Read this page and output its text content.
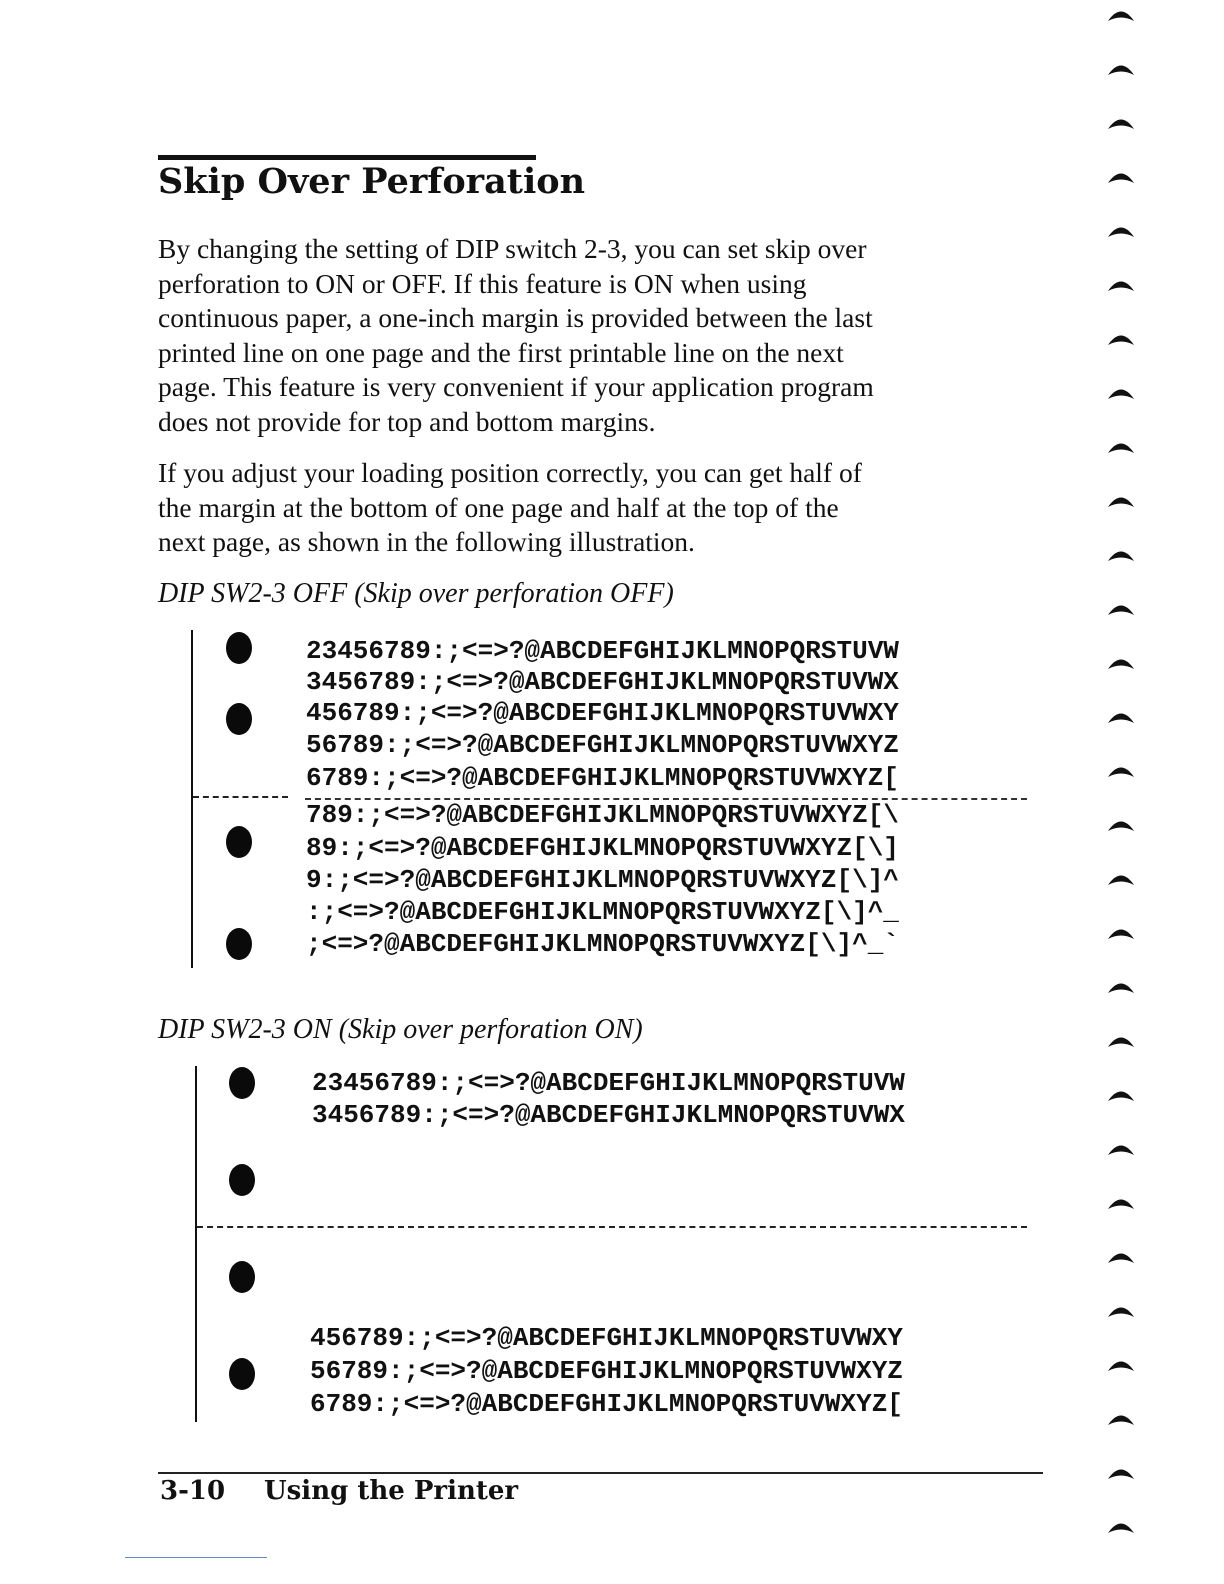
Skip Over Perforation

By changing the setting of DIP switch 2-3, you can set skip over
perforation to ON or OFF. If this feature is ON when using
continuous paper, a one-inch margin is provided between the last
printed line on one page and the first printable line on the next
page. This feature is very convenient if your application program
does not provide for top and bottom margins.

If you adjust your loading position correctly, you can get half of
the margin at the bottom of one page and half at the top of the
next page, as shown in the following illustration.

DIP SW2-3 OFF (Skip over perforation OFF)

23456789:;<=>?@ABCDEFGHIJKLMNOPQRSTUVW

3456789:;<=>?@ABCDEFGHIJKLMNOPQRSTUVWX

456789:;<=>?@ABCDEFGHIJKLMNOPQRSTUVWXY

56789:;<=>?@ABCDEFGHIJKLMNOPQRSTUVWXYZ

6789:;<=>?@ABCDEFGHIJKLMNOPQRSTUVWXYZ[

789:;<=>?@ABCDEFGHIJKLMNOPQRSTUVWXYZ[\

89:;<=>?@ABCDEFGHIJKLMNOPQRSTUVWXYZ[\]

9:;<=>?@ABCDEFGHIJKLMNOPQRSTUVWXYZ[\]^

:;<=>?@ABCDEFGHIJKLMNOPQRSTUVWXYZ[\]^_

;<=>?@ABCDEFGHIJKLMNOPQRSTUVWXYZ[\]^_`

DIP SW2-3 ON (Skip over perforation ON)

23456789:;<=>?@ABCDEFGHIJKLMNOPQRSTUVW

3456789:;<=>?@ABCDEFGHIJKLMNOPQRSTUVWX

456789:;<=>?@ABCDEFGHIJKLMNOPQRSTUVWXY

56789:;<=>?@ABCDEFGHIJKLMNOPQRSTUVWXYZ

6789:;<=>?@ABCDEFGHIJKLMNOPQRSTUVWXYZ[

3-10 Using the Printer
